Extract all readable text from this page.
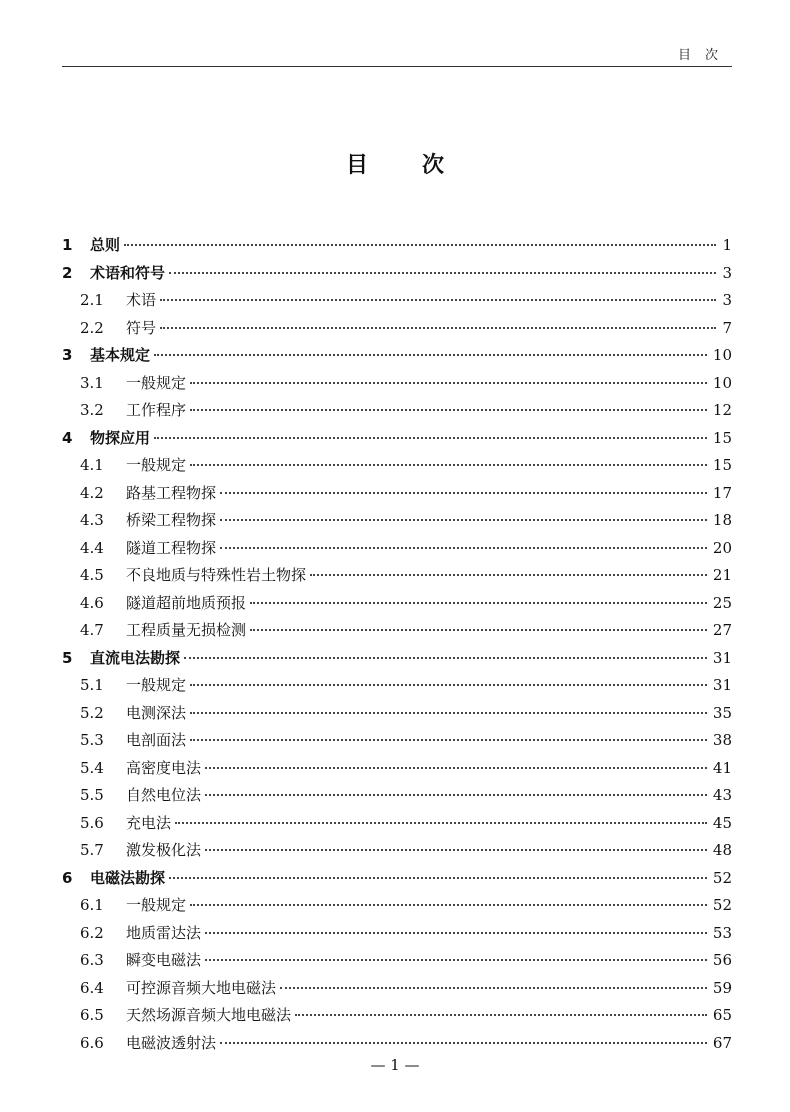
目次
目次
1	总则	1
2	术语和符号	3
2.1	术语	3
2.2	符号	7
3	基本规定	10
3.1	一般规定	10
3.2	工作程序	12
4	物探应用	15
4.1	一般规定	15
4.2	路基工程物探	17
4.3	桥梁工程物探	18
4.4	隧道工程物探	20
4.5	不良地质与特殊性岩土物探	21
4.6	隧道超前地质预报	25
4.7	工程质量无损检测	27
5	直流电法勘探	31
5.1	一般规定	31
5.2	电测深法	35
5.3	电剖面法	38
5.4	高密度电法	41
5.5	自然电位法	43
5.6	充电法	45
5.7	激发极化法	48
6	电磁法勘探	52
6.1	一般规定	52
6.2	地质雷达法	53
6.3	瞬变电磁法	56
6.4	可控源音频大地电磁法	59
6.5	天然场源音频大地电磁法	65
6.6	电磁波透射法	67
— 1 —
